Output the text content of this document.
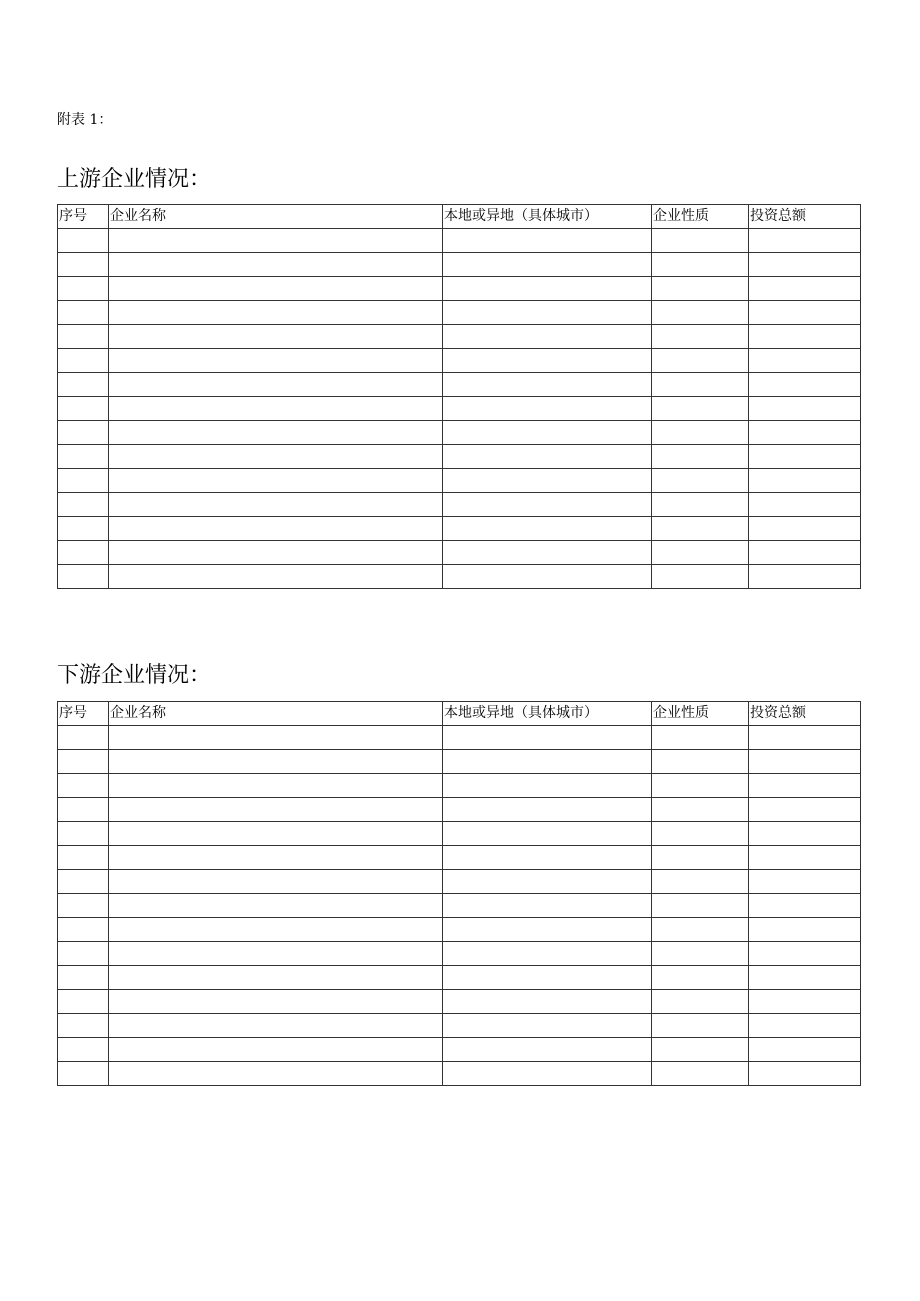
附表 1：
上游企业情况：
序号	企业名称	本地或异地（具体城市）	企业性质	投资总额

下游企业情况：
序号	企业名称	本地或异地（具体城市）	企业性质	投资总额
